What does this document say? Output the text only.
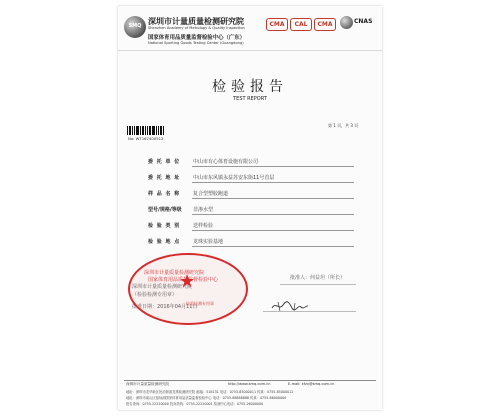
SMQ 深圳市计量质量检测研究院
Shenzhen Academy of Metrology & Quality Inspection
国家体育用品质量监督检验中心（广东）
National Sporting Goods Testing Center (Guangdong)
CMA	CAL	CMA	CNAS
检验报告
TEST REPORT
No: WT167400512
第 1 页，共 3 页
委 托 单 位	中山市有心体育设施有限公司
委 托 地 址	中山市东风镇永益苏安东街11号首层
样 品 名 称	复合型塑胶跑道
型号/规格/等级 非渗水型
检 验 类 别	送样检验
检 验 地 点	龙珠实验基地
深圳市计量质量检测研究院
（检验检测专用章）
批准日期：2016年04月11日
深圳市计量质量检测研究院
国家体育用品质量监督检验中心
★
检验检测专用章
批准人：何益坦（所长）
深圳市计量质量检测研究院	http://www.smq.com.cn	E-mail: kfzx@smq.com.cn
地址：深圳市龙华新区民治街道龙珠检测研究院 邮编：518131 电话：0755-85000011 传真：0755-85000012
地址：深圳市南山区留仙洞国家体育用品质量监督检验中心 电话：0755-88888888 传真：0755-86000000
报告查询：0755-22220000 投诉热线：0755-22220001 检测中心电话：0755-26000000
